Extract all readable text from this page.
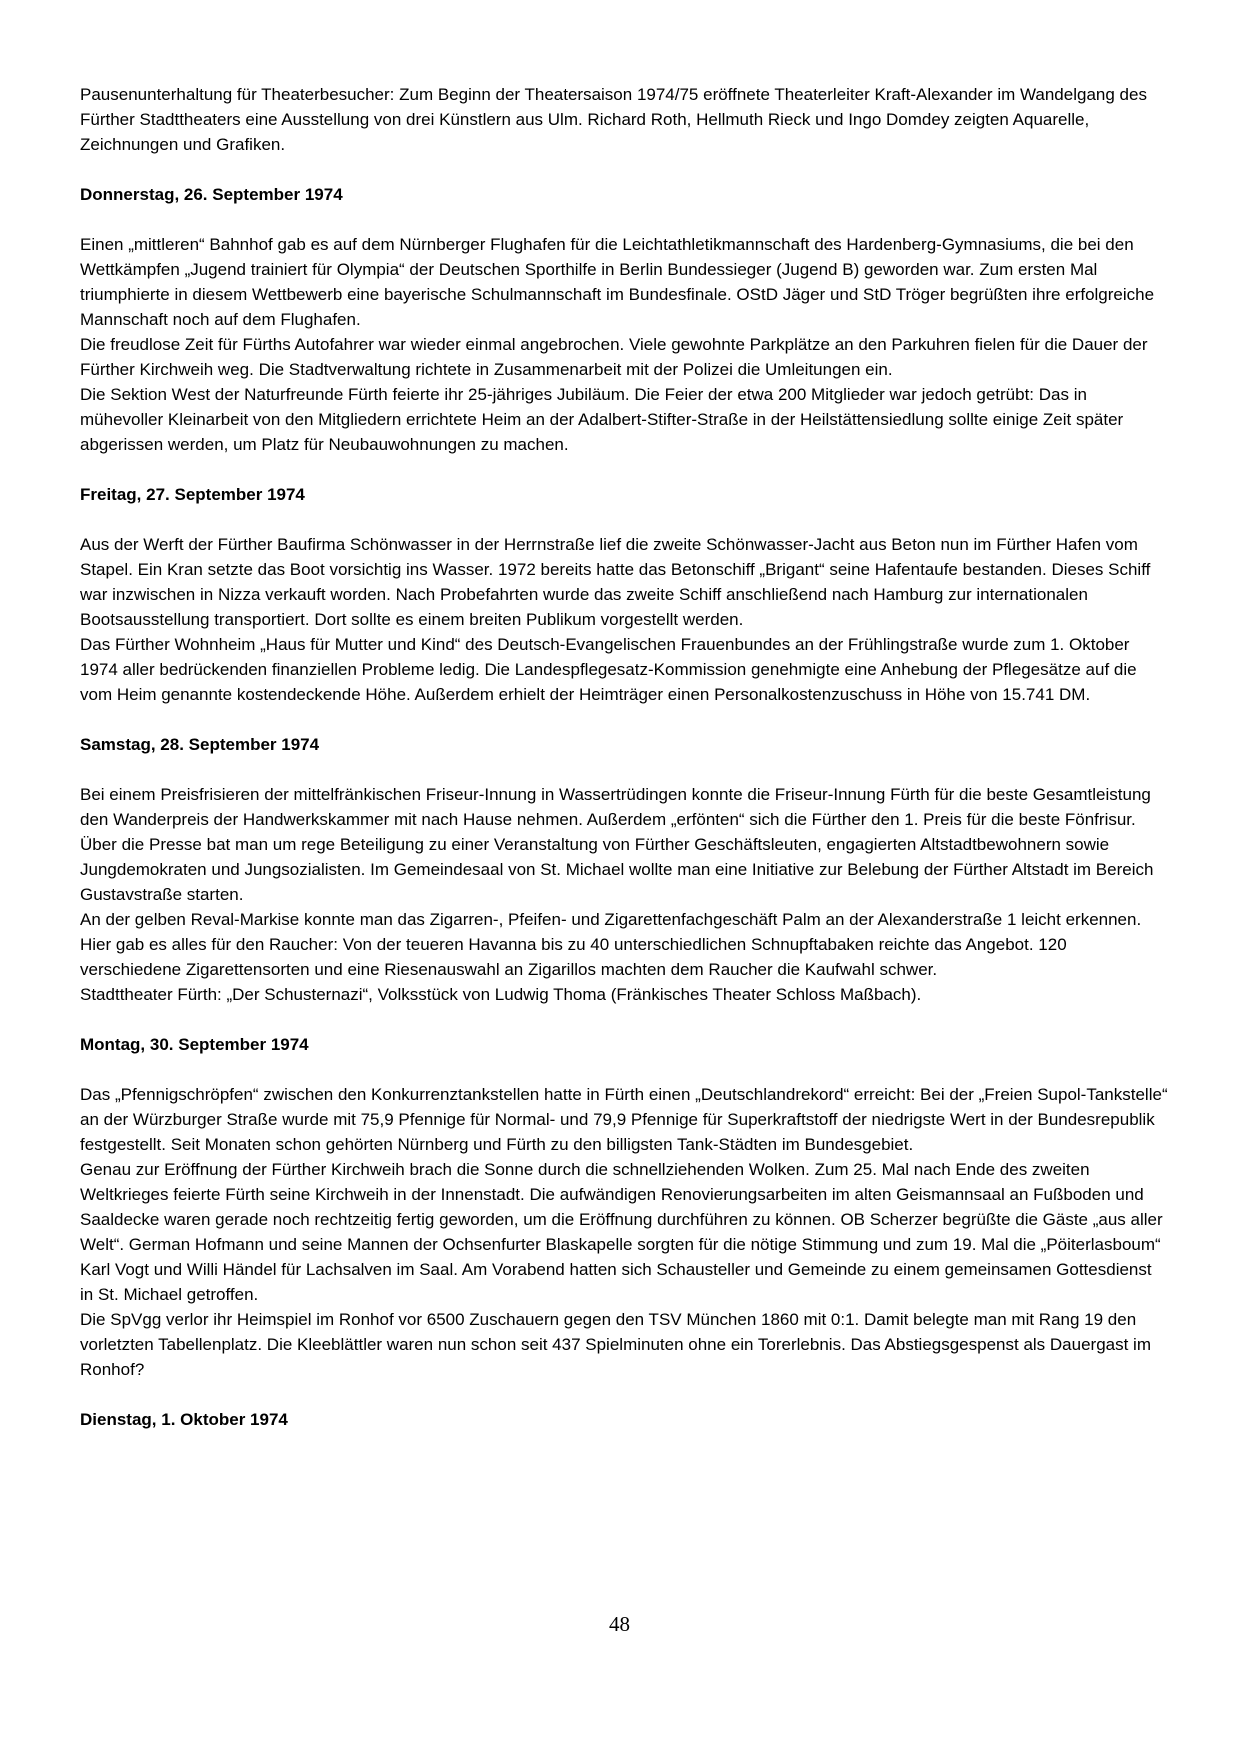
Pausenunterhaltung für Theaterbesucher: Zum Beginn der Theatersaison 1974/75 eröffnete Theaterleiter Kraft-Alexander im Wandelgang des Fürther Stadttheaters eine Ausstellung von drei Künstlern aus Ulm. Richard Roth, Hellmuth Rieck und Ingo Domdey zeigten Aquarelle, Zeichnungen und Grafiken.

Donnerstag, 26. September 1974

Einen „mittleren“ Bahnhof gab es auf dem Nürnberger Flughafen für die Leichtathletikmannschaft des Hardenberg-Gymnasiums, die bei den Wettkämpfen „Jugend trainiert für Olympia“ der Deutschen Sporthilfe in Berlin Bundessieger (Jugend B) geworden war. Zum ersten Mal triumphierte in diesem Wettbewerb eine bayerische Schulmannschaft im Bundesfinale. OStD Jäger und StD Tröger begrüßten ihre erfolgreiche Mannschaft noch auf dem Flughafen.

Die freudlose Zeit für Fürths Autofahrer war wieder einmal angebrochen. Viele gewohnte Parkplätze an den Parkuhren fielen für die Dauer der Fürther Kirchweih weg. Die Stadtverwaltung richtete in Zusammenarbeit mit der Polizei die Umleitungen ein.

Die Sektion West der Naturfreunde Fürth feierte ihr 25-jähriges Jubiläum. Die Feier der etwa 200 Mitglieder war jedoch getrübt: Das in mühevoller Kleinarbeit von den Mitgliedern errichtete Heim an der Adalbert-Stifter-Straße in der Heilstättensiedlung sollte einige Zeit später abgerissen werden, um Platz für Neubauwohnungen zu machen.

Freitag, 27. September 1974

Aus der Werft der Fürther Baufirma Schönwasser in der Herrnstraße lief die zweite Schönwasser-Jacht aus Beton nun im Fürther Hafen vom Stapel. Ein Kran setzte das Boot vorsichtig ins Wasser. 1972 bereits hatte das Betonschiff „Brigant“ seine Hafentaufe bestanden. Dieses Schiff war inzwischen in Nizza verkauft worden. Nach Probefahrten wurde das zweite Schiff anschließend nach Hamburg zur internationalen Bootsausstellung transportiert. Dort sollte es einem breiten Publikum vorgestellt werden.

Das Fürther Wohnheim „Haus für Mutter und Kind“ des Deutsch-Evangelischen Frauenbundes an der Frühlingstraße wurde zum 1. Oktober 1974 aller bedrückenden finanziellen Probleme ledig. Die Landespflegesatz-Kommission genehmigte eine Anhebung der Pflegesätze auf die vom Heim genannte kostendeckende Höhe. Außerdem erhielt der Heimträger einen Personalkostenzuschuss in Höhe von 15.741 DM.

Samstag, 28. September 1974

Bei einem Preisfrisieren der mittelfränkischen Friseur-Innung in Wassertrüdingen konnte die Friseur-Innung Fürth für die beste Gesamtleistung den Wanderpreis der Handwerkskammer mit nach Hause nehmen. Außerdem „erfönten“ sich die Fürther den 1. Preis für die beste Fönfrisur.

Über die Presse bat man um rege Beteiligung zu einer Veranstaltung von Fürther Geschäftsleuten, engagierten Altstadtbewohnern sowie Jungdemokraten und Jungsozialisten. Im Gemeindesaal von St. Michael wollte man eine Initiative zur Belebung der Fürther Altstadt im Bereich Gustavstraße starten.

An der gelben Reval-Markise konnte man das Zigarren-, Pfeifen- und Zigarettenfachgeschäft Palm an der Alexanderstraße 1 leicht erkennen. Hier gab es alles für den Raucher: Von der teueren Havanna bis zu 40 unterschiedlichen Schnupftabaken reichte das Angebot. 120 verschiedene Zigarettensorten und eine Riesenauswahl an Zigarillos machten dem Raucher die Kaufwahl schwer.

Stadttheater Fürth: „Der Schusternazi“, Volksstück von Ludwig Thoma (Fränkisches Theater Schloss Maßbach).

Montag, 30. September 1974

Das „Pfennigschröpfen“ zwischen den Konkurrenztankstellen hatte in Fürth einen „Deutschlandrekord“ erreicht: Bei der „Freien Supol-Tankstelle“ an der Würzburger Straße wurde mit 75,9 Pfennige für Normal- und 79,9 Pfennige für Superkraftstoff der niedrigste Wert in der Bundesrepublik festgestellt. Seit Monaten schon gehörten Nürnberg und Fürth zu den billigsten Tank-Städten im Bundesgebiet.

Genau zur Eröffnung der Fürther Kirchweih brach die Sonne durch die schnellziehenden Wolken. Zum 25. Mal nach Ende des zweiten Weltkrieges feierte Fürth seine Kirchweih in der Innenstadt. Die aufwändigen Renovierungsarbeiten im alten Geismannsaal an Fußboden und Saaldecke waren gerade noch rechtzeitig fertig geworden, um die Eröffnung durchführen zu können. OB Scherzer begrüßte die Gäste „aus aller Welt“. German Hofmann und seine Mannen der Ochsenfurter Blaskapelle sorgten für die nötige Stimmung und zum 19. Mal die „Pöiterlasboum“ Karl Vogt und Willi Händel für Lachsalven im Saal. Am Vorabend hatten sich Schausteller und Gemeinde zu einem gemeinsamen Gottesdienst in St. Michael getroffen.

Die SpVgg verlor ihr Heimspiel im Ronhof vor 6500 Zuschauern gegen den TSV München 1860 mit 0:1. Damit belegte man mit Rang 19 den vorletzten Tabellenplatz. Die Kleeblättler waren nun schon seit 437 Spielminuten ohne ein Torerlebnis. Das Abstiegsgespenst als Dauergast im Ronhof?

Dienstag, 1. Oktober 1974
48
